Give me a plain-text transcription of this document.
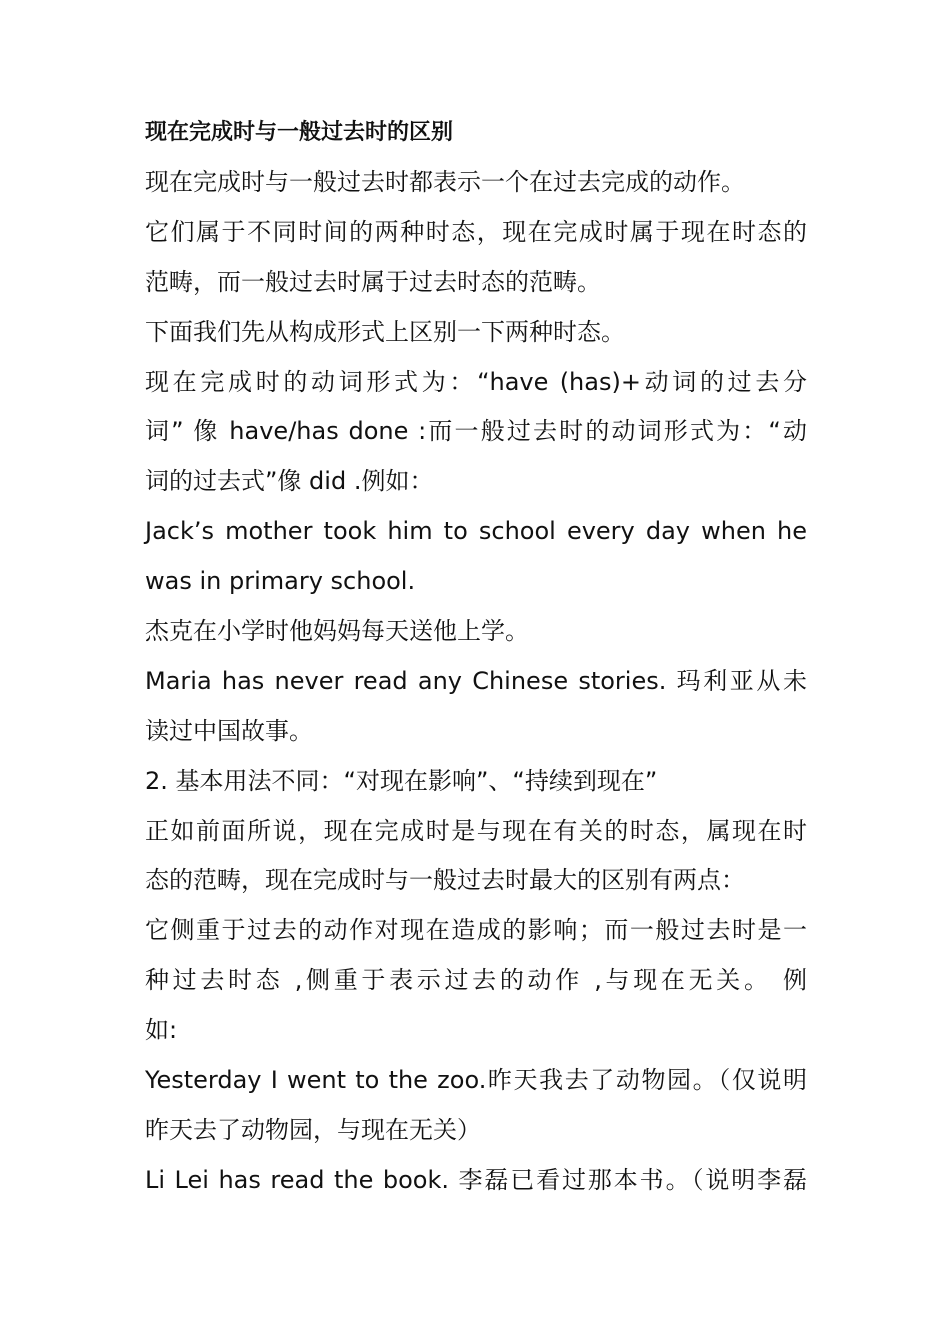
现在完成时与一般过去时的区别
现在完成时与一般过去时都表示一个在过去完成的动作。
它们属于不同时间的两种时态，现在完成时属于现在时态的
范畴，而一般过去时属于过去时态的范畴。
下面我们先从构成形式上区别一下两种时态。
现在完成时的动词形式为：“have (has)+动词的过去分
词” 像 have/has done :而一般过去时的动词形式为：“动
词的过去式”像 did .例如：
Jack’s mother took him to school every day when he
was in primary school.
杰克在小学时他妈妈每天送他上学。
Maria has never read any Chinese stories. 玛利亚从未
读过中国故事。
2. 基本用法不同：“对现在影响”、“持续到现在”
正如前面所说，现在完成时是与现在有关的时态，属现在时
态的范畴，现在完成时与一般过去时最大的区别有两点：
它侧重于过去的动作对现在造成的影响；而一般过去时是一
种过去时态 ,侧重于表示过去的动作 ,与现在无关。 例
如:
Yesterday I went to the zoo.昨天我去了动物园。（仅说明
昨天去了动物园，与现在无关）
Li Lei has read the book. 李磊已看过那本书。（说明李磊
